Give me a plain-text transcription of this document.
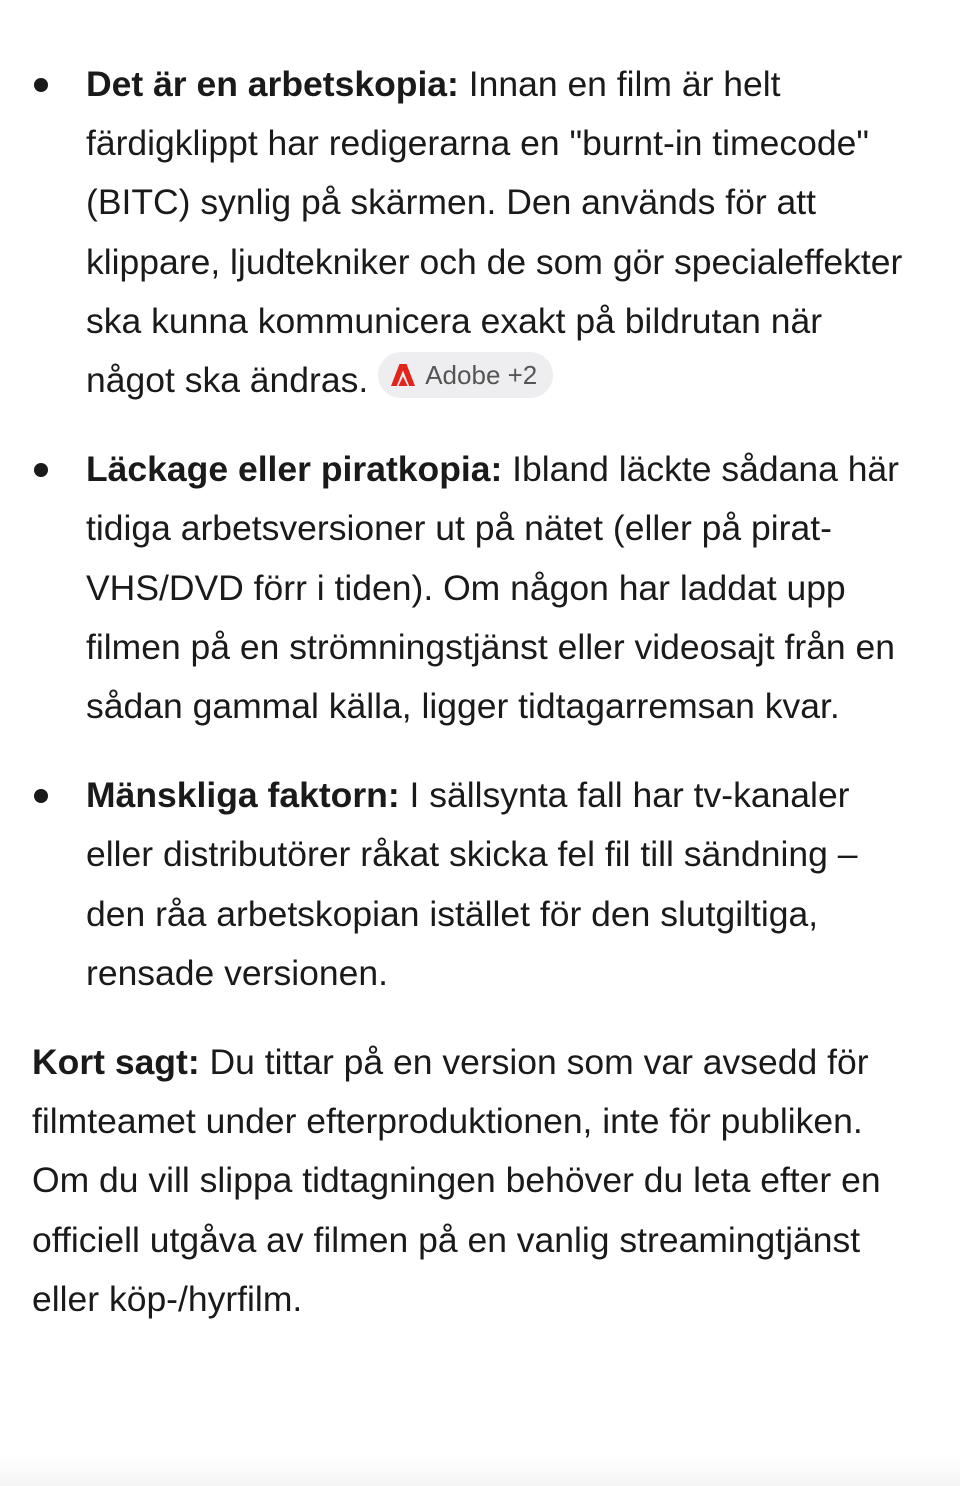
Det är en arbetskopia: Innan en film är helt färdigklippt har redigerarna en "burnt-in timecode" (BITC) synlig på skärmen. Den används för att klippare, ljudtekniker och de som gör specialeffekter ska kunna kommunicera exakt på bildrutan när något ska ändras. Adobe +2
Läckage eller piratkopia: Ibland läckte sådana här tidiga arbetsversioner ut på nätet (eller på pirat-VHS/DVD förr i tiden). Om någon har laddat upp filmen på en strömningstjänst eller videosajt från en sådan gammal källa, ligger tidtagarremsan kvar.
Mänskliga faktorn: I sällsynta fall har tv-kanaler eller distributörer råkat skicka fel fil till sändning – den råa arbetskopian istället för den slutgiltiga, rensade versionen.

Kort sagt: Du tittar på en version som var avsedd för filmteamet under efterproduktionen, inte för publiken. Om du vill slippa tidtagningen behöver du leta efter en officiell utgåva av filmen på en vanlig streamingtjänst eller köp-/hyrfilm.
